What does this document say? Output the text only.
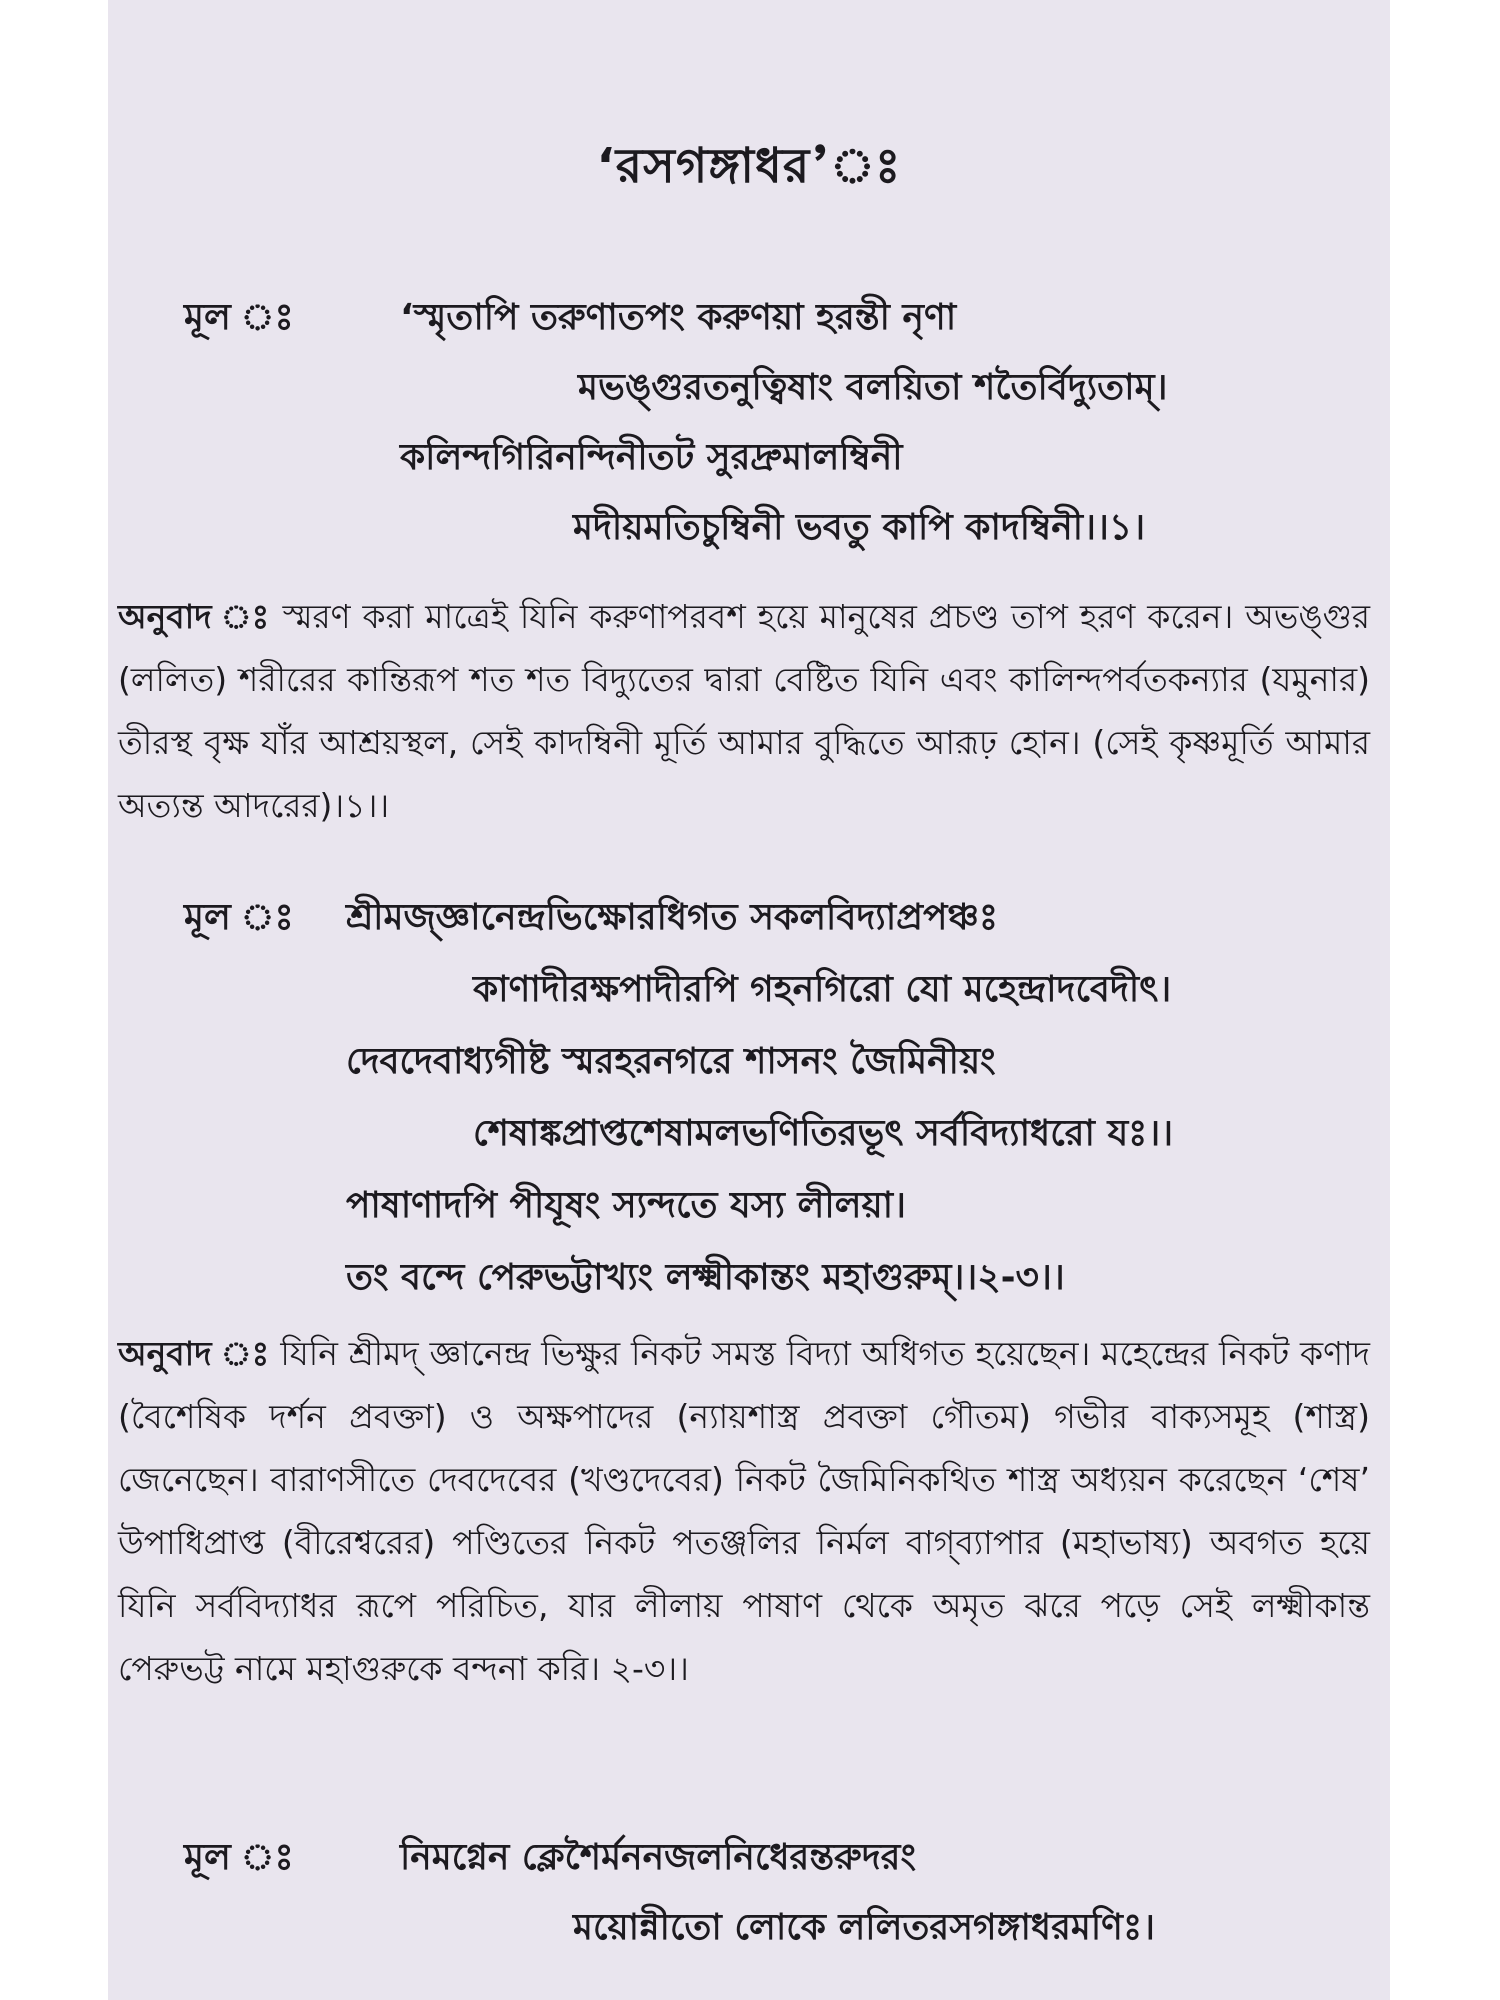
‘রসগঙ্গাধর’ঃ
মূল ঃ	‘স্মৃতাপি তরুণাতপং করুণয়া হরন্তী নৃণা
মভঙ্গুরতনুত্বিষাং বলয়িতা শতৈর্বিদ্যুতাম্।
কলিন্দগিরিনন্দিনীতট সুরদ্রুমালম্বিনী
মদীয়মতিচুম্বিনী ভবতু কাপি কাদম্বিনী।।১।
অনুবাদ ঃ স্মরণ করা মাত্রেই যিনি করুণাপরবশ হয়ে মানুষের প্রচণ্ড তাপ হরণ করেন। অভঙ্গুর (ললিত) শরীরের কান্তিরূপ শত শত বিদ্যুতের দ্বারা বেষ্টিত যিনি এবং কালিন্দপর্বতকন্যার (যমুনার) তীরস্থ বৃক্ষ যাঁর আশ্রয়স্থল, সেই কাদম্বিনী মূর্তি আমার বুদ্ধিতে আরূঢ় হোন। (সেই কৃষ্ণমূর্তি আমার অত্যন্ত আদরের)।১।।
মূল ঃ শ্রীমজ্জ্ঞানেন্দ্রভিক্ষোরধিগত সকলবিদ্যাপ্রপঞ্চঃ
কাণাদীরক্ষপাদীরপি গহনগিরো যো মহেন্দ্রাদবেদীৎ।
দেবদেবাধ্যগীষ্ট স্মরহরনগরে শাসনং জৈমিনীয়ং
শেষাঙ্কপ্রাপ্তশেষামলভণিতিরভূৎ সর্ববিদ্যাধরো যঃ।।
পাষাণাদপি পীযূষং স্যন্দতে যস্য লীলয়া।
তং বন্দে পেরুভট্টাখ্যং লক্ষ্মীকান্তং মহাগুরুম্।।২-৩।।
অনুবাদ ঃ যিনি শ্রীমদ্ জ্ঞানেন্দ্র ভিক্ষুর নিকট সমস্ত বিদ্যা অধিগত হয়েছেন। মহেন্দ্রের নিকট কণাদ (বৈশেষিক দর্শন প্রবক্তা) ও অক্ষপাদের (ন্যায়শাস্ত্র প্রবক্তা গৌতম) গভীর বাক্যসমূহ (শাস্ত্র) জেনেছেন। বারাণসীতে দেবদেবের (খণ্ডদেবের) নিকট জৈমিনিকথিত শাস্ত্র অধ্যয়ন করেছেন ‘শেষ’ উপাধিপ্রাপ্ত (বীরেশ্বরের) পণ্ডিতের নিকট পতঞ্জলির নির্মল বাগ্‌ব্যাপার (মহাভাষ্য) অবগত হয়ে যিনি সর্ববিদ্যাধর রূপে পরিচিত, যার লীলায় পাষাণ থেকে অমৃত ঝরে পড়ে সেই লক্ষ্মীকান্ত পেরুভট্ট নামে মহাগুরুকে বন্দনা করি। ২-৩।।
মূল ঃ	নিমগ্নেন ক্লেশৈর্মননজলনিধেরন্তরুদরং
ময়োন্নীতো লোকে ললিতরসগঙ্গাধরমণিঃ।
